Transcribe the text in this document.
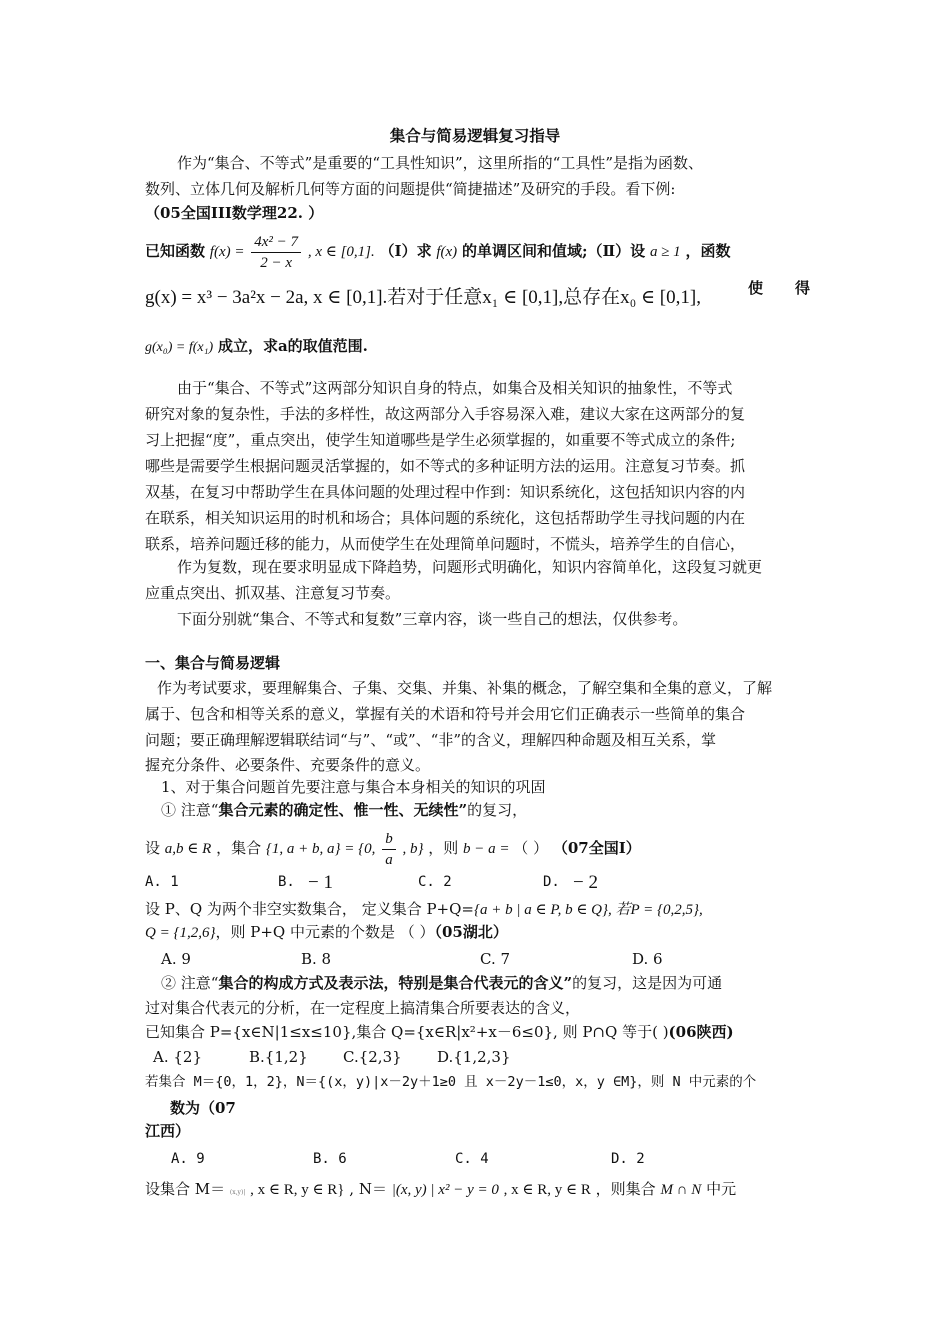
集合与简易逻辑复习指导
作为“集合、不等式”是重要的“工具性知识”，这里所指的“工具性”是指为函数、
数列、立体几何及解析几何等方面的问题提供“简捷描述”及研究的手段。看下例:
（05全国III数学理22. ）
已知函数 $f(x) = \frac{\text{4x² − 7}}{2 - x}$ , x ∈ [0,1]. （Ⅰ）求 f(x) 的单调区间和值域;（Ⅱ）设 a ≥ 1 ，函数
g(x) = x³ − 3a²x − 2a, x ∈ [0,1].若对于任意x₁ ∈ [0,1],总存在x₀ ∈ [0,1],	使 得
g(x₀) = f(x₁) 成立，求a的取值范围.
由于“集合、不等式”这两部分知识自身的特点，如集合及相关知识的抽象性，不等式
研究对象的复杂性，手法的多样性，故这两部分入手容易深入难，建议大家在这两部分的复
习上把握“度”，重点突出，使学生知道哪些是学生必须掌握的，如重要不等式成立的条件;
哪些是需要学生根据问题灵活掌握的，如不等式的多种证明方法的运用。注意复习节奏。抓
双基，在复习中帮助学生在具体问题的处理过程中作到：知识系统化，这包括知识内容的内
在联系，相关知识运用的时机和场合；具体问题的系统化，这包括帮助学生寻找问题的内在
联系，培养问题迁移的能力，从而使学生在处理简单问题时，不慌头，培养学生的自信心，
作为复数，现在要求明显成下降趋势，问题形式明确化，知识内容简单化，这段复习就更
应重点突出、抓双基、注意复习节奏。
下面分别就“集合、不等式和复数”三章内容，谈一些自己的想法，仅供参考。
一、集合与简易逻辑
作为考试要求，要理解集合、子集、交集、并集、补集的概念，了解空集和全集的意义，了解
属于、包含和相等关系的意义，掌握有关的术语和符号并会用它们正确表示一些简单的集合
问题；要正确理解逻辑联结词“与”、“或”、“非”的含义，理解四种命题及相互关系，掌
握充分条件、必要条件、充要条件的意义。
1、对于集合问题首先要注意与集合本身相关的知识的巩固
① 注意“集合元素的确定性、惟一性、无续性”的复习，
设 a,b ∈ R ，集合 {1, a + b, a} = {0, $\frac{b}{a}$ , b} ，则 b − a = （ ） （07全国Ⅰ）
A. 1	B. − 1	C. 2	D. − 2
设 P、Q 为两个非空实数集合， 定义集合 P+Q={a + b | a ∈ P, b ∈ Q}, 若P = {0,2,5},
Q = {1,2,6}，则 P+Q 中元素的个数是 （ ）（05湖北）
A. 9	B. 8	C. 7	D. 6
② 注意“集合的构成方式及表示法，特别是集合代表元的含义”的复习，这是因为可通
过对集合代表元的分析，在一定程度上搞清集合所要表达的含义，
已知集合 P={x∈N|1≤x≤10},集合 Q={x∈R|x²+x－6≤0}, 则 P∩Q 等于( )(06陕西)
A. {2}	B.{1,2} C.{2,3} D.{1,2,3}
若集合 M＝{0，1，2}，N＝{(x，y)|x－2y＋1≥0 且 x－2y－1≤0，x，y ∈M}，则 N 中元素的个
数为（07
江西）
A. 9	B. 6	C. 4	D. 2
设集合 M＝ (x,y)| , x ∈ R, y ∈ R} , N＝ |(x, y) | x² − y = 0 , x ∈ R, y ∈ R ，则集合 M ∩ N 中元
